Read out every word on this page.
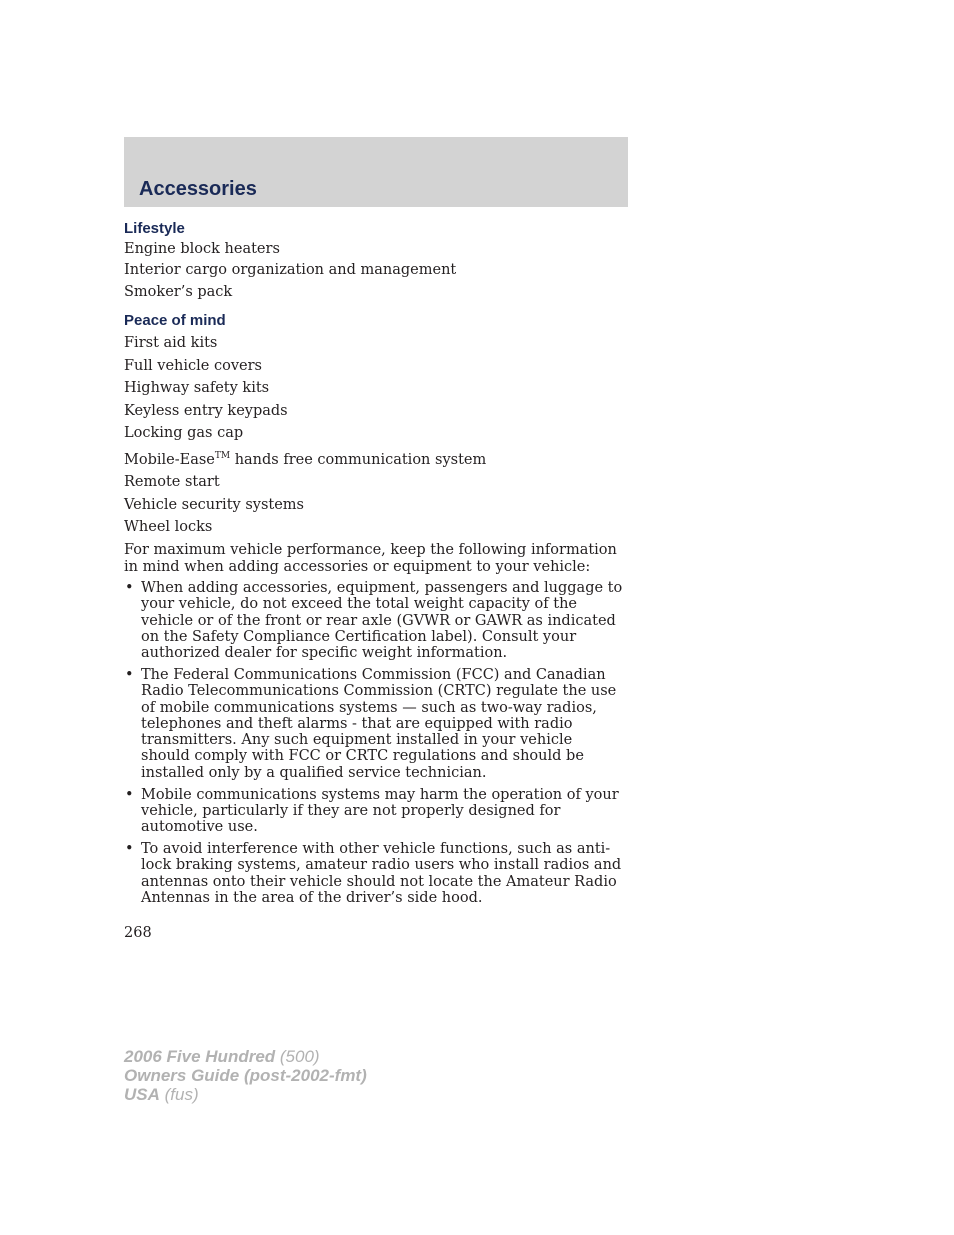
Accessories
Lifestyle

Engine block heaters

Interior cargo organization and management

Smoker’s pack

Peace of mind

First aid kits

Full vehicle covers

Highway safety kits

Keyless entry keypads

Locking gas cap

Mobile-Ease™ hands free communication system

Remote start

Vehicle security systems

Wheel locks

For maximum vehicle performance, keep the following information in mind when adding accessories or equipment to your vehicle:

• When adding accessories, equipment, passengers and luggage to your vehicle, do not exceed the total weight capacity of the vehicle or of the front or rear axle (GVWR or GAWR as indicated on the Safety Compliance Certification label). Consult your authorized dealer for specific weight information.
• The Federal Communications Commission (FCC) and Canadian Radio Telecommunications Commission (CRTC) regulate the use of mobile communications systems — such as two-way radios, telephones and theft alarms - that are equipped with radio transmitters. Any such equipment installed in your vehicle should comply with FCC or CRTC regulations and should be installed only by a qualified service technician.
• Mobile communications systems may harm the operation of your vehicle, particularly if they are not properly designed for automotive use.
• To avoid interference with other vehicle functions, such as anti-lock braking systems, amateur radio users who install radios and antennas onto their vehicle should not locate the Amateur Radio Antennas in the area of the driver’s side hood.
268
2006 Five Hundred (500)
Owners Guide (post-2002-fmt)
USA (fus)
